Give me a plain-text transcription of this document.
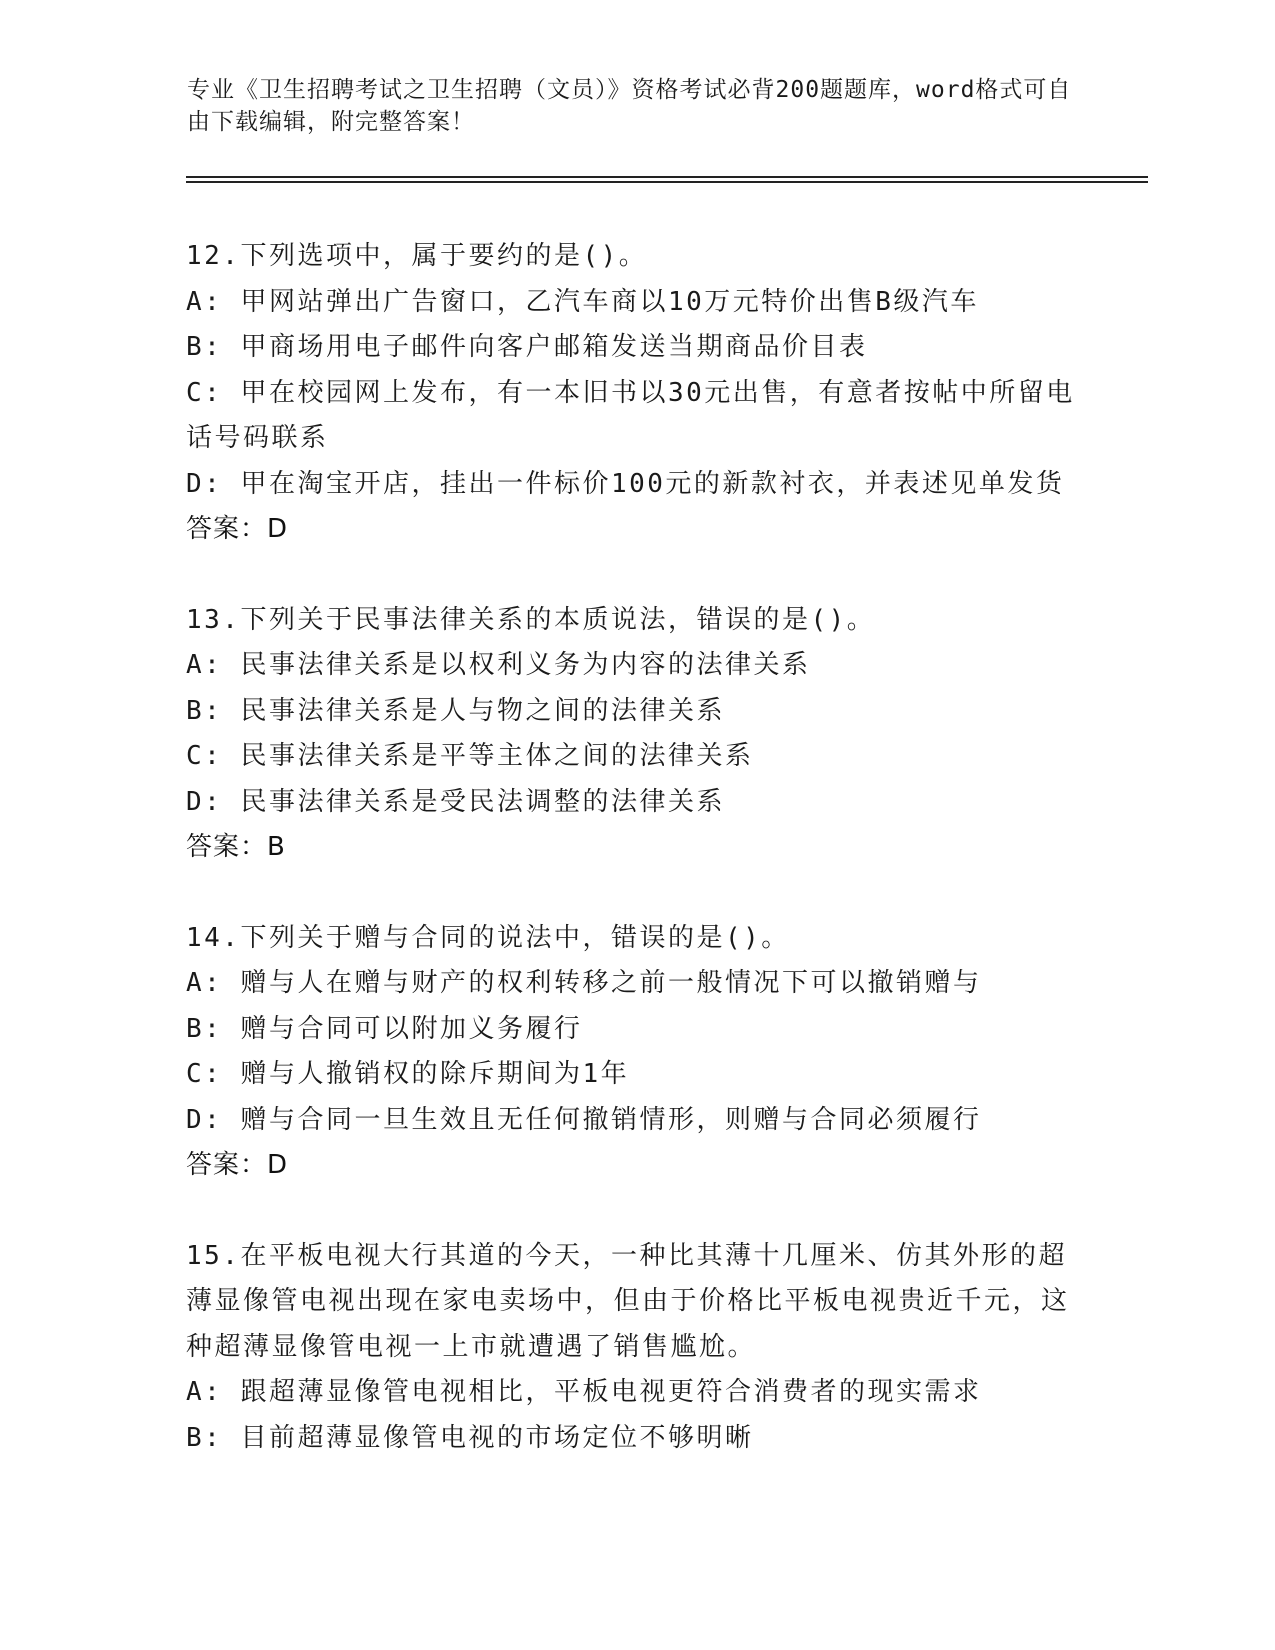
专业《卫生招聘考试之卫生招聘（文员）》资格考试必背200题题库，word格式可自由下载编辑，附完整答案！
12.下列选项中，属于要约的是()。
A: 甲网站弹出广告窗口，乙汽车商以10万元特价出售B级汽车
B: 甲商场用电子邮件向客户邮箱发送当期商品价目表
C: 甲在校园网上发布，有一本旧书以30元出售，有意者按帖中所留电话号码联系
D: 甲在淘宝开店，挂出一件标价100元的新款衬衣，并表述见单发货
答案：D
13.下列关于民事法律关系的本质说法，错误的是()。
A: 民事法律关系是以权利义务为内容的法律关系
B: 民事法律关系是人与物之间的法律关系
C: 民事法律关系是平等主体之间的法律关系
D: 民事法律关系是受民法调整的法律关系
答案：B
14.下列关于赠与合同的说法中，错误的是()。
A: 赠与人在赠与财产的权利转移之前一般情况下可以撤销赠与
B: 赠与合同可以附加义务履行
C: 赠与人撤销权的除斥期间为1年
D: 赠与合同一旦生效且无任何撤销情形，则赠与合同必须履行
答案：D
15.在平板电视大行其道的今天，一种比其薄十几厘米、仿其外形的超薄显像管电视出现在家电卖场中，但由于价格比平板电视贵近千元，这种超薄显像管电视一上市就遭遇了销售尴尬。
A: 跟超薄显像管电视相比，平板电视更符合消费者的现实需求
B: 目前超薄显像管电视的市场定位不够明晰
